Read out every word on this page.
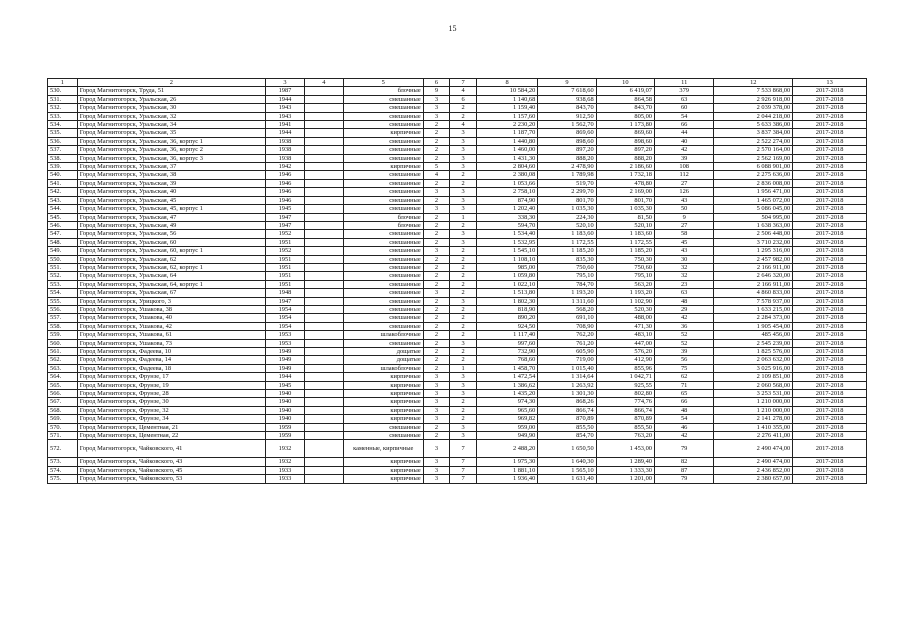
15
1	2	3	4	5	6	7	8	9	10	11	12	13
530.	Город Магнитогорск, Труда, 51	1987		блочные	9	4	10 584,20	7 618,60	6 419,07	379	7 533 868,00	2017-2018
531.	Город Магнитогорск, Уральская, 26	1944		смешанные	3	6	1 140,68	938,68	864,58	63	2 926 918,00	2017-2018
532.	Город Магнитогорск, Уральская, 30	1943		смешанные	3	2	1 159,40	843,70	843,70	60	2 039 378,00	2017-2018
533.	Город Магнитогорск, Уральская, 32	1943		смешанные	3	2	1 157,60	912,50	805,00	54	2 044 218,00	2017-2018
534.	Город Магнитогорск, Уральская, 34	1941		смешанные	2	4	2 230,20	1 562,70	1 173,80	66	5 633 386,00	2017-2018
535.	Город Магнитогорск, Уральская, 35	1944		кирпичные	2	3	1 187,70	869,60	869,60	44	3 837 384,00	2017-2018
536.	Город Магнитогорск, Уральская, 36, корпус 1	1938		смешанные	2	3	1 440,80	898,60	898,60	40	2 522 274,00	2017-2018
537.	Город Магнитогорск, Уральская, 36, корпус 2	1938		смешанные	2	3	1 460,00	897,20	897,20	42	2 570 164,00	2017-2018
538.	Город Магнитогорск, Уральская, 36, корпус 3	1938		смешанные	2	3	1 431,30	888,20	888,20	39	2 562 169,00	2017-2018
539.	Город Магнитогорск, Уральская, 37	1942		кирпичные	5	3	2 804,60	2 478,90	2 186,60	108	6 088 901,00	2017-2018
540.	Город Магнитогорск, Уральская, 38	1946		смешанные	4	2	2 380,08	1 789,98	1 732,18	112	2 275 636,00	2017-2018
541.	Город Магнитогорск, Уральская, 39	1946		смешанные	2	2	1 053,66	519,70	478,80	27	2 836 008,00	2017-2018
542.	Город Магнитогорск, Уральская, 40	1946		смешанные	3	3	2 758,10	2 299,70	2 169,00	126	1 956 471,00	2017-2018
543.	Город Магнитогорск, Уральская, 45	1946		смешанные	2	3	874,90	801,70	801,70	43	1 465 072,00	2017-2018
544.	Город Магнитогорск, Уральская, 45, корпус 1	1945		смешанные	3	3	1 202,40	1 035,30	1 035,30	50	5 086 045,00	2017-2018
545.	Город Магнитогорск, Уральская, 47	1947		блочные	2	1	338,30	224,30	81,50	9	504 995,00	2017-2018
546.	Город Магнитогорск, Уральская, 49	1947		блочные	2	2	594,70	520,10	520,10	27	1 638 363,00	2017-2018
547.	Город Магнитогорск, Уральская, 56	1952		смешанные	2	3	1 534,40	1 183,60	1 183,60	58	2 506 448,00	2017-2018
548.	Город Магнитогорск, Уральская, 60	1951		смешанные	2	3	1 532,95	1 172,55	1 172,55	45	3 710 232,00	2017-2018
549.	Город Магнитогорск, Уральская, 60, корпус 1	1952		смешанные	3	2	1 545,10	1 185,20	1 185,20	43	1 295 316,00	2017-2018
550.	Город Магнитогорск, Уральская, 62	1951		смешанные	2	2	1 108,10	835,30	750,30	30	2 457 982,00	2017-2018
551.	Город Магнитогорск, Уральская, 62, корпус 1	1951		смешанные	2	2	985,00	750,60	750,60	32	2 166 911,00	2017-2018
552.	Город Магнитогорск, Уральская, 64	1951		смешанные	2	2	1 059,80	795,10	795,10	32	2 646 320,00	2017-2018
553.	Город Магнитогорск, Уральская, 64, корпус 1	1951		смешанные	2	2	1 022,10	784,70	563,20	23	2 166 911,00	2017-2018
554.	Город Магнитогорск, Уральская, 67	1948		смешанные	3	2	1 513,80	1 193,20	1 193,20	63	4 860 833,00	2017-2018
555.	Город Магнитогорск, Урицкого, 3	1947		смешанные	2	3	1 802,30	1 311,60	1 102,90	48	7 578 937,00	2017-2018
556.	Город Магнитогорск, Ушакова, 38	1954		смешанные	2	2	818,90	568,20	520,30	29	1 633 215,00	2017-2018
557.	Город Магнитогорск, Ушакова, 40	1954		смешанные	2	2	890,20	691,10	488,00	42	2 284 373,00	2017-2018
558.	Город Магнитогорск, Ушакова, 42	1954		смешанные	2	2	924,50	708,90	471,30	36	1 905 454,00	2017-2018
559.	Город Магнитогорск, Ушакова, 61	1953		шлакоблочные	2	2	1 117,40	762,20	483,10	52	485 456,00	2017-2018
560.	Город Магнитогорск, Ушакова, 73	1953		смешанные	2	3	997,60	761,20	447,00	52	2 545 239,00	2017-2018
561.	Город Магнитогорск, Фадеева, 10	1949		дощатые	2	2	732,90	605,90	576,20	39	1 825 576,00	2017-2018
562.	Город Магнитогорск, Фадеева, 14	1949		дощатые	2	2	768,60	719,00	412,90	56	2 063 632,00	2017-2018
563.	Город Магнитогорск, Фадеева, 18	1949		шлакоблочные	2	1	1 458,70	1 015,40	855,96	75	3 025 916,00	2017-2018
564.	Город Магнитогорск, Фрунзе, 17	1944		кирпичные	3	3	1 472,54	1 314,64	1 042,71	62	2 109 851,00	2017-2018
565.	Город Магнитогорск, Фрунзе, 19	1945		кирпичные	3	3	1 386,62	1 263,92	925,55	71	2 060 568,00	2017-2018
566.	Город Магнитогорск, Фрунзе, 28	1940		кирпичные	3	3	1 435,20	1 301,30	802,80	65	3 253 531,00	2017-2018
567.	Город Магнитогорск, Фрунзе, 30	1940		кирпичные	3	2	974,30	868,26	774,76	66	1 210 000,00	2017-2018
568.	Город Магнитогорск, Фрунзе, 32	1940		кирпичные	3	2	965,60	866,74	866,74	48	1 210 000,00	2017-2018
569.	Город Магнитогорск, Фрунзе, 34	1940		кирпичные	3	2	969,82	870,89	870,89	54	2 141 278,00	2017-2018
570.	Город Магнитогорск, Цементная, 21	1959		смешанные	2	3	959,00	855,50	855,50	46	1 410 355,00	2017-2018
571.	Город Магнитогорск, Цементная, 22	1959		смешанные	2	3	949,90	854,70	763,20	42	2 276 411,00	2017-2018
572.	Город Магнитогорск, Чайковского, 41	1932		каменные, кирпичные	3	7	2 488,20	1 650,50	1 453,00	79	2 490 474,00	2017-2018
573.	Город Магнитогорск, Чайковского, 43	1932		кирпичные	3	7	1 975,30	1 640,30	1 289,40	82	2 490 474,00	2017-2018
574.	Город Магнитогорск, Чайковского, 45	1933		кирпичные	3	7	1 881,10	1 565,10	1 333,30	87	2 436 852,00	2017-2018
575.	Город Магнитогорск, Чайковского, 53	1933		кирпичные	3	7	1 936,40	1 631,40	1 201,00	79	2 380 657,00	2017-2018
